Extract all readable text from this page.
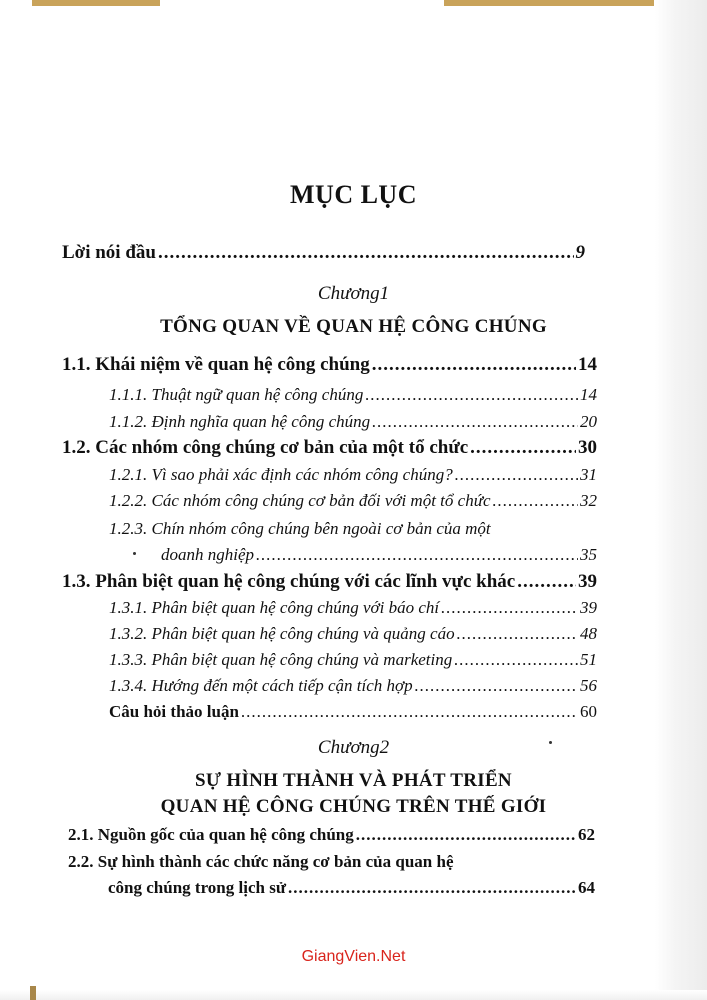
MỤC LỤC
Lời nói đầu .....	9
Chương1
TỔNG QUAN VỀ QUAN HỆ CÔNG CHÚNG
1.1. Khái niệm về quan hệ công chúng .....	14
1.1.1. Thuật ngữ quan hệ công chúng .....	14
1.1.2. Định nghĩa quan hệ công chúng .....	20
1.2. Các nhóm công chúng cơ bản của một tổ chức .....	30
1.2.1. Vì sao phải xác định các nhóm công chúng? .....	31
1.2.2. Các nhóm công chúng cơ bản đối với một tổ chức .....	32
1.2.3. Chín nhóm công chúng bên ngoài cơ bản của một
doanh nghiệp .....	35
1.3. Phân biệt quan hệ công chúng với các lĩnh vực khác .....	39
1.3.1. Phân biệt quan hệ công chúng với báo chí .....	39
1.3.2. Phân biệt quan hệ công chúng và quảng cáo .....	48
1.3.3. Phân biệt quan hệ công chúng và marketing .....	51
1.3.4. Hướng đến một cách tiếp cận tích hợp .....	56
Câu hỏi thảo luận .....	60
Chương2
SỰ HÌNH THÀNH VÀ PHÁT TRIỂN
QUAN HỆ CÔNG CHÚNG TRÊN THẾ GIỚI
2.1. Nguồn gốc của quan hệ công chúng .....	62
2.2. Sự hình thành các chức năng cơ bản của quan hệ
công chúng trong lịch sử .....	64
GiangVien.Net
